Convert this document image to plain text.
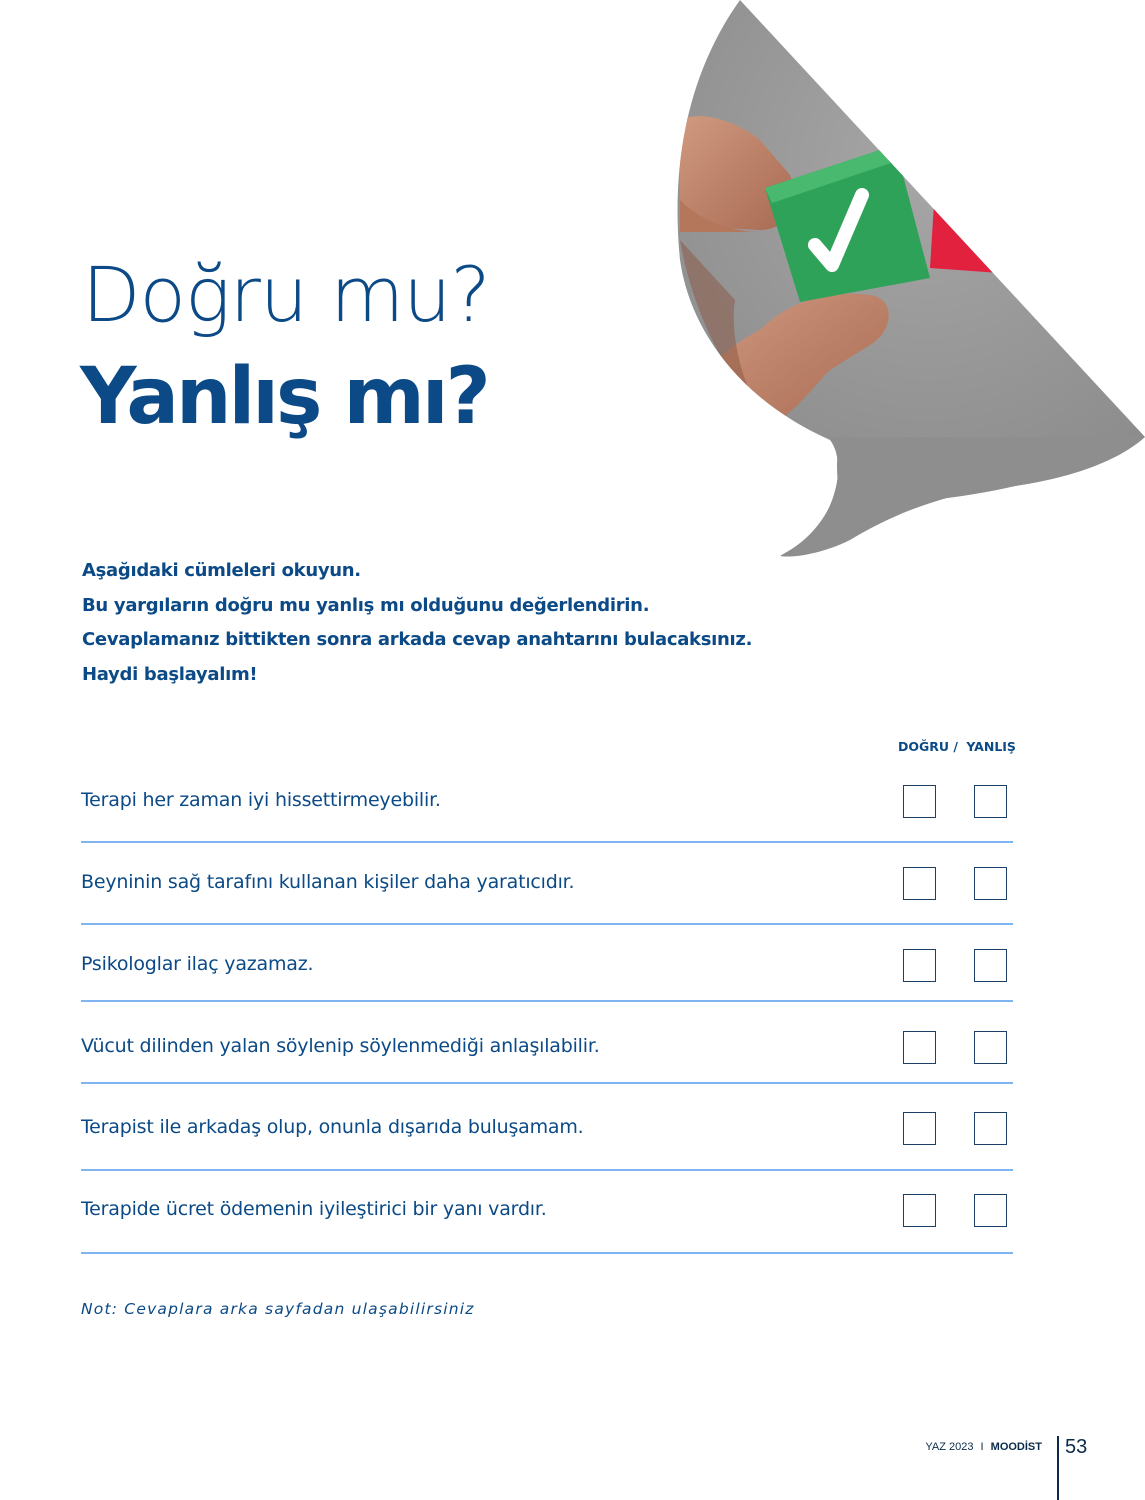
test
Doğru mu?
Yanlış mı?
Aşağıdaki cümleleri okuyun.
Bu yargıların doğru mu yanlış mı olduğunu değerlendirin.
Cevaplamanız bittikten sonra arkada cevap anahtarını bulacaksınız.
Haydi başlayalım!
DOĞRU / YANLIŞ
Terapi her zaman iyi hissettirmeyebilir.
Beyninin sağ tarafını kullanan kişiler daha yaratıcıdır.
Psikologlar ilaç yazamaz.
Vücut dilinden yalan söylenip söylenmediği anlaşılabilir.
Terapist ile arkadaş olup, onunla dışarıda buluşamam.
Terapide ücret ödemenin iyileştirici bir yanı vardır.
Not: Cevaplara arka sayfadan ulaşabilirsiniz
YAZ 2023 I MOODİST 53
